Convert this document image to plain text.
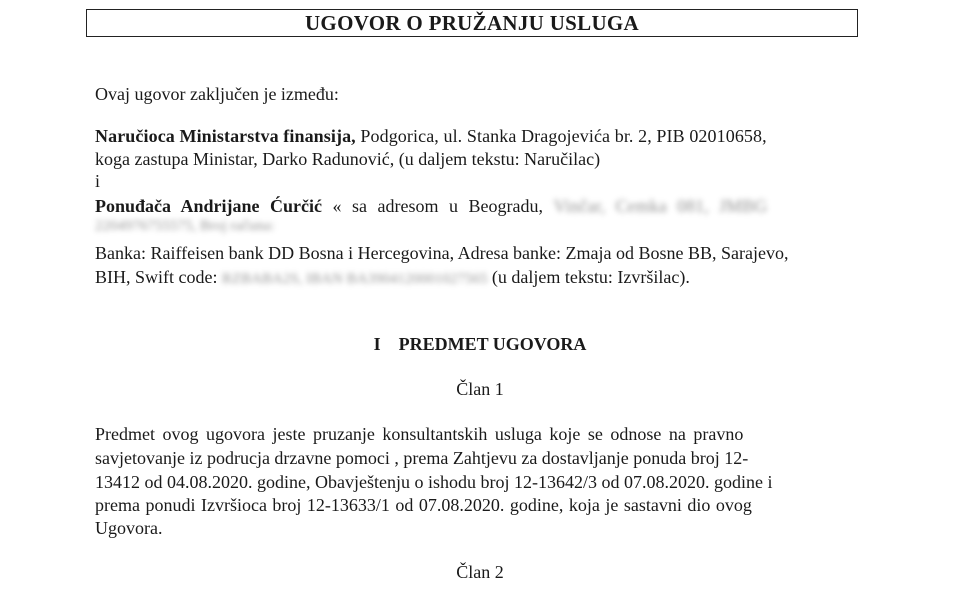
UGOVOR O PRUŽANJU USLUGA
Ovaj ugovor zaključen je između:
Naručioca Ministarstva finansija, Podgorica, ul. Stanka Dragojevića br. 2, PIB 02010658,
koga zastupa Ministar, Darko Radunović, (u daljem tekstu: Naručilac)
i
Ponuđača Andrijane Ćurčić « sa adresom u Beogradu, Vinčar, Cemka 081, JMBG
2204976755575, Broj računa:
Banka: Raiffeisen bank DD Bosna i Hercegovina, Adresa banke: Zmaja od Bosne BB, Sarajevo,
BIH, Swift code: RZBABA2S, IBAN BA3904120001027565 (u daljem tekstu: Izvršilac).
I PREDMET UGOVORA
Član 1
Predmet ovog ugovora jeste pruzanje konsultantskih usluga koje se odnose na pravno
savjetovanje iz podrucja drzavne pomoci , prema Zahtjevu za dostavljanje ponuda broj 12-
13412 od 04.08.2020. godine, Obavještenju o ishodu broj 12-13642/3 od 07.08.2020. godine i
prema ponudi Izvršioca broj 12-13633/1 od 07.08.2020. godine, koja je sastavni dio ovog
Ugovora.
Član 2
